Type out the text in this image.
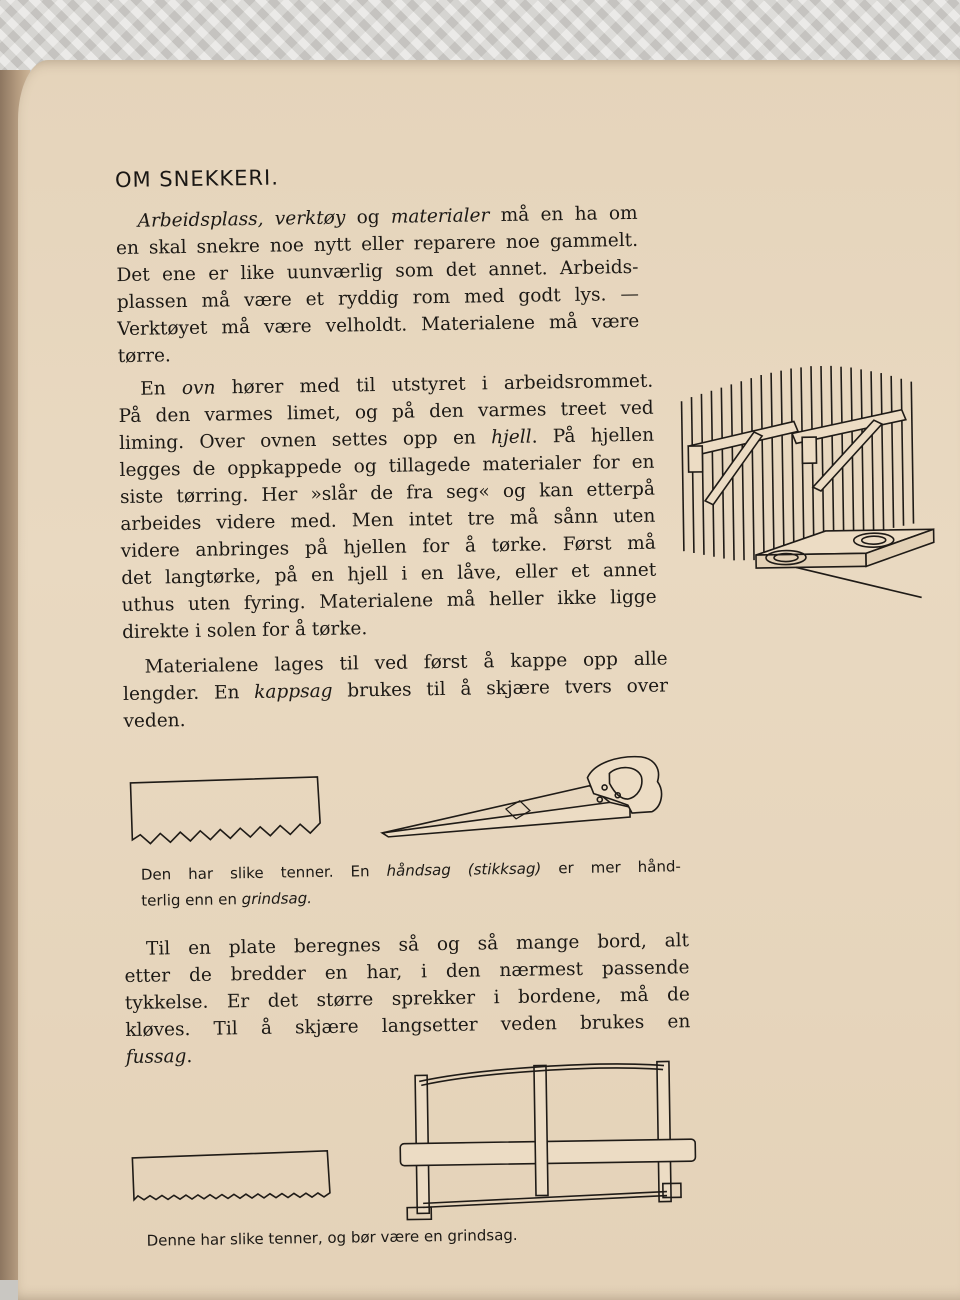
OM SNEKKERI.
Arbeidsplass, verktøy og materialer må en ha om
en skal snekre noe nytt eller reparere noe gammelt.
Det ene er like uunværlig som det annet. Arbeids-
plassen må være et ryddig rom med godt lys. —
Verktøyet må være velholdt. Materialene må være
tørre.
En ovn hører med til utstyret i arbeidsrommet.
På den varmes limet, og på den varmes treet ved
liming. Over ovnen settes opp en hjell. På hjellen
legges de oppkappede og tillagede materialer for en
siste tørring. Her »slår de fra seg« og kan etterpå
arbeides videre med. Men intet tre må sånn uten
videre anbringes på hjellen for å tørke. Først må
det langtørke, på en hjell i en låve, eller et annet
uthus uten fyring. Materialene må heller ikke ligge
direkte i solen for å tørke.
Materialene lages til ved først å kappe opp alle
lengder. En kappsag brukes til å skjære tvers over
veden.
Den har slike tenner. En håndsag (stikksag) er mer hånd-
terlig enn en grindsag.
Til en plate beregnes så og så mange bord, alt
etter de bredder en har, i den nærmest passende
tykkelse. Er det større sprekker i bordene, må de
kløves. Til å skjære langsetter veden brukes en
fussag.
Denne har slike tenner, og bør være en grindsag.
